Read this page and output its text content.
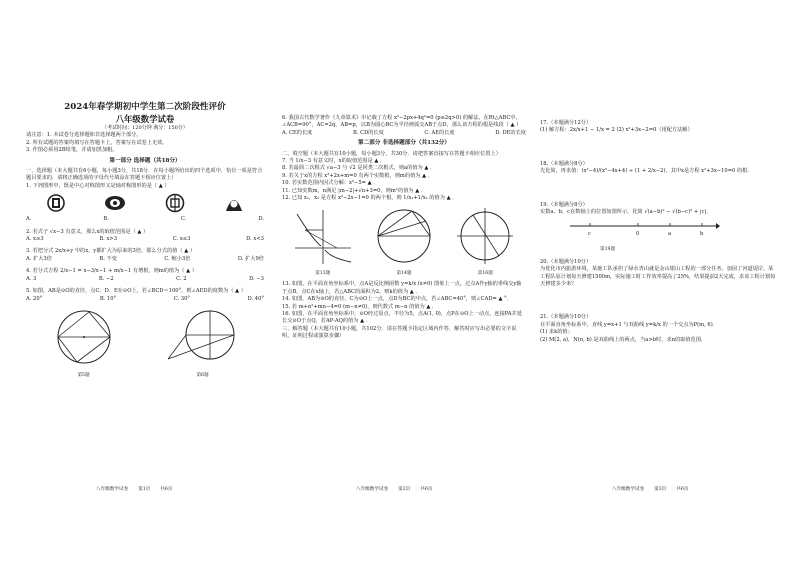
2024年春学期初中学生第二次阶段性评价
八年级数学试卷
（考试时间：120分钟 满分：150分）
请注意：1. 本试卷分选择题和非选择题两个部分。
2. 所有试题的答案均填写在答题卡上，答案写在试卷上无效。
3. 作图必须用2B铅笔，并请加黑加粗。
第一部分 选择题（共18分）
一、选择题（本大题共有6小题，每小题3分，共18分．在每小题所给出的四个选项中，恰有一项是符合题目要求的，请将正确选项的字母代号填涂在答题卡相应位置上）
1. 下列图形中，既是中心对称图形又是轴对称图形的是（ ▲ ）
A.	B.	C.	D.
2. 若式子 √x−3 有意义，那么x的取值范围是（ ▲ ）
A. x≥3	B. x>3	C. x≤3	D. x<3
3. 若把分式 2x/x+y 中的x，y都扩大为原来的3倍，那么分式的值（ ▲ ）
A. 扩大3倍	B. 不变	C. 缩小3倍	D. 扩大9倍
4. 若分式方程 2/x−1 = x−3/x−1 + m/x−1 有增根，则m的值为（ ▲ ）
A. 3	B. −2	C. 2	D. −3
5. 如图，AB是⊙O的直径，点C、D、E在⊙O上，若∠BCD＝100°，则∠AED的度数为（ ▲ ）
A. 20°	B. 10°	C. 30°	D. 40°
第5题	第6题
6. 我国古代数学著作《九章算术》中记载了方程 x²−2px+4q²=0 (p≥2q>0) 的解法，在Rt△ABC中，∠ACB=90°，AC=2q，AB=p，以B为圆心BC为半径画弧交AB于点D，那么该方程的根是线段（ ▲ ）
A. CE的长度	B. CD的长度	C. AE的长度	D. DE的长度
第二部分 非选择题部分（共132分）
二、填空题（本大题共有10小题，每小题3分，共30分．请把答案直接写在答题卡相应位置上）
7. 当 1/x−3 有意义时，x的取值范围是 ▲ ．
8. 若最简二次根式 √a−3 与 √2 是同类二次根式，则a的值为 ▲ ．
9. 若关于x的方程 x²+2x+m=0 有两个实数根，则m的值为 ▲ ．
10. 若实数范围内因式分解：x²−5= ▲ ．
11. 已知实数m，n满足 |m−2|+√n+3=0，则mⁿ的值为 ▲ ．
12. 已知 x₁，x₂ 是方程 x²−2x−1=0 的两个根，则 1/x₁+1/x₂ 的值为 ▲ ．
第13题	第14题	第16题
13. 如图，在平面直角坐标系中，点A是反比例函数 y=k/x (x≠0) 图象上一点，过点A作y轴的垂线交y轴于点B，点C在x轴上，若△ABC的面积为2，则k的值为 ▲ ．
14. 如图，AB为⊙O的直径，C为⊙O上一点，点D为BC的中点，若∠ABC=40°，则∠CAD= ▲ °．
15. 若 m+n²+mn−4=0 (m−n≠0)，则代数式 m−n 的值为 ▲ ．
16. 如图，在平面直角坐标系中，⊙O经过原点，半径为5，点A(1, 0)，点P在⊙O上一动点，连接PA并延长交⊙O于点Q，若AP·AQ的值为 ▲ ．
三、解答题（本大题共有10小题，共102分．请在答题卡指定区域内作答，解答时应写出必要的文字说明、证明过程或演算步骤）
17.（本题满分12分）
(1) 解方程：2x/x+1 − 1/x = 2 (2) x²+3x−2=0（用配方法解）
18.（本题满分8分）
先化简，再求值：(x²−4)/(x²−4x+4) ÷ (1 + 2/x−2)，其中x是方程 x²+3x−10=0 的根．
19.（本题满分8分）
实数a，b，c在数轴上的位置如图所示，化简 √(a−b)² − √(b−c)² + |c|．
c	0	a	b
第19题
20.（本题满分10分）
为优化市内旅游环境，某施工队承担了绿水青山就是金山银山工程的一部分任务，加固了河道堤岸，某工程队原计划每天修建1500m，实际施工时工作效率提高了25%，结果提前2天完成，求该工程计划每天修建多少米？
21.（本题满分10分）
在平面直角坐标系中，直线 y=x+1 与双曲线 y=k/x 的一个交点为P(m, 6)．
(1) 求k的值；
(2) M(2, a)，N(n, b) 是双曲线上的两点，当a>b时，求n的取值范围．
八年级数学试卷 第1页 共6页	八年级数学试卷 第2页 共6页	八年级数学试卷 第3页 共6页
